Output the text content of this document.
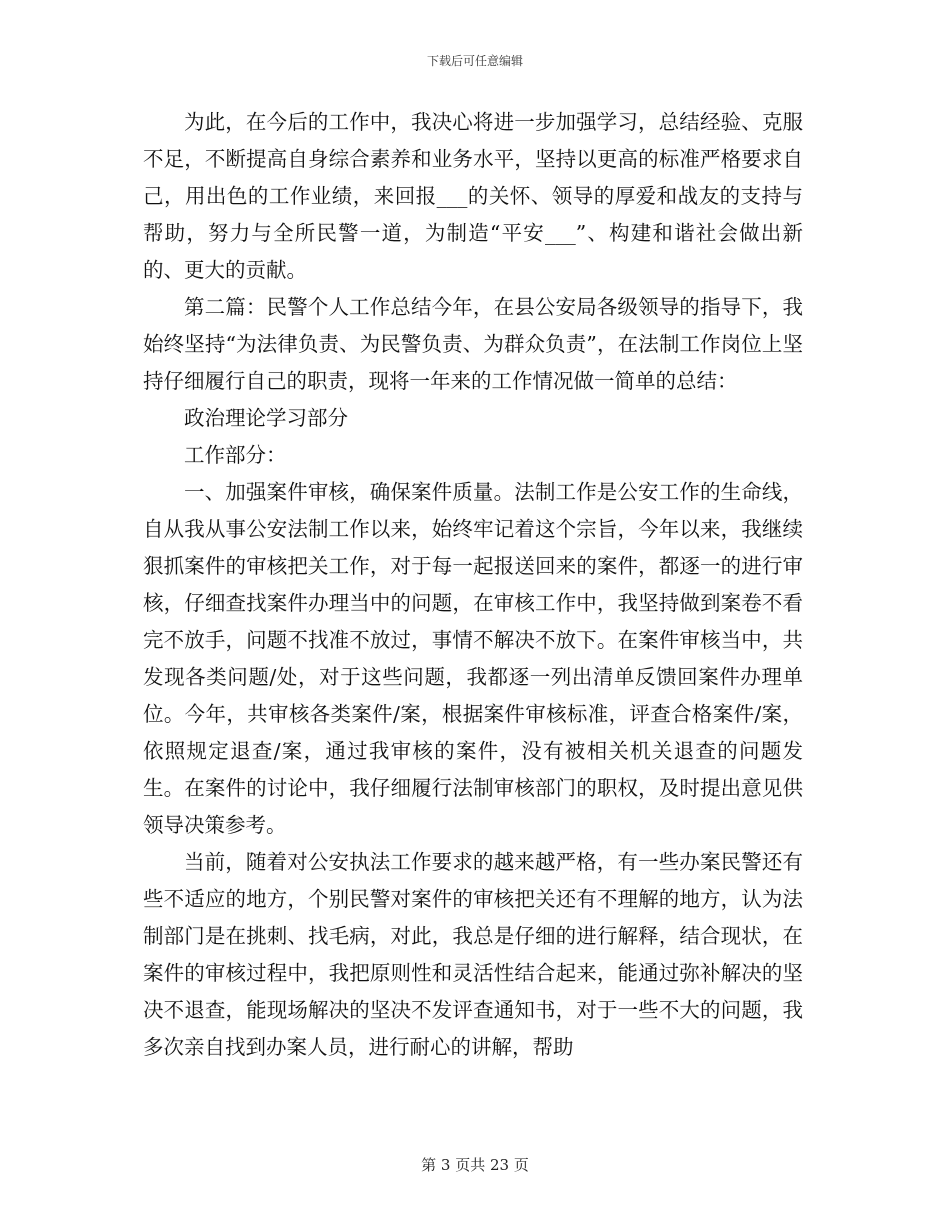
下载后可任意编辑

为此，在今后的工作中，我决心将进一步加强学习，总结经验、克服不足，不断提高自身综合素养和业务水平，坚持以更高的标准严格要求自己，用出色的工作业绩，来回报___的关怀、领导的厚爱和战友的支持与帮助，努力与全所民警一道，为制造“平安___”、构建和谐社会做出新的、更大的贡献。

第二篇：民警个人工作总结今年，在县公安局各级领导的指导下，我始终坚持“为法律负责、为民警负责、为群众负责”，在法制工作岗位上坚持仔细履行自己的职责，现将一年来的工作情况做一简单的总结：

政治理论学习部分

工作部分：

一、加强案件审核，确保案件质量。法制工作是公安工作的生命线，自从我从事公安法制工作以来，始终牢记着这个宗旨，今年以来，我继续狠抓案件的审核把关工作，对于每一起报送回来的案件，都逐一的进行审核，仔细查找案件办理当中的问题，在审核工作中，我坚持做到案卷不看完不放手，问题不找准不放过，事情不解决不放下。在案件审核当中，共发现各类问题/处，对于这些问题，我都逐一列出清单反馈回案件办理单位。今年，共审核各类案件/案，根据案件审核标准，评查合格案件/案，依照规定退查/案，通过我审核的案件，没有被相关机关退查的问题发生。在案件的讨论中，我仔细履行法制审核部门的职权，及时提出意见供领导决策参考。

当前，随着对公安执法工作要求的越来越严格，有一些办案民警还有些不适应的地方，个别民警对案件的审核把关还有不理解的地方，认为法制部门是在挑刺、找毛病，对此，我总是仔细的进行解释，结合现状，在案件的审核过程中，我把原则性和灵活性结合起来，能通过弥补解决的坚决不退查，能现场解决的坚决不发评查通知书，对于一些不大的问题，我多次亲自找到办案人员，进行耐心的讲解，帮助

第 3 页共 23 页
